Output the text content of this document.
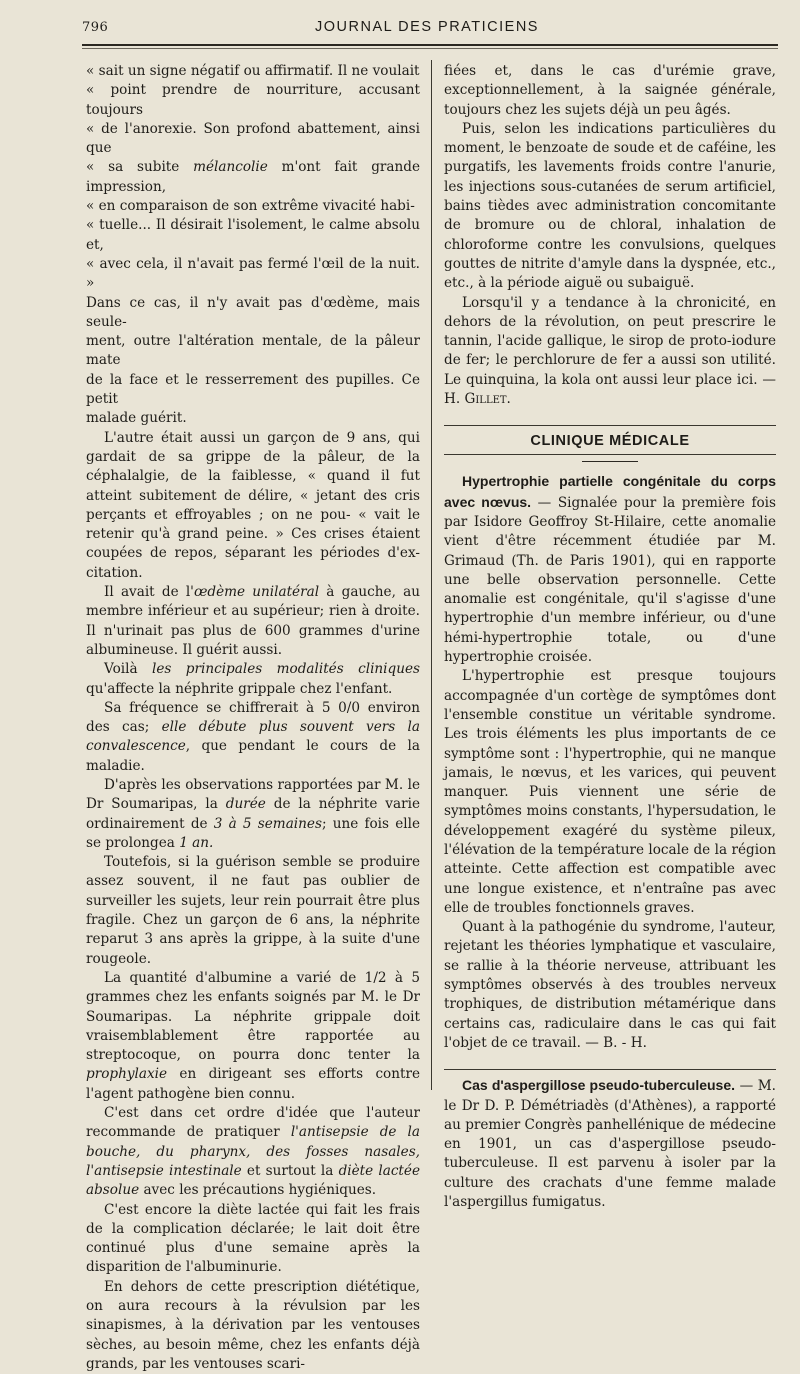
796	JOURNAL DES PRATICIENS

« sait un signe négatif ou affirmatif. Il ne voulait
« point prendre de nourriture, accusant toujours
« de l'anorexie. Son profond abattement, ainsi que
« sa subite mélancolie m'ont fait grande impression,
« en comparaison de son extrême vivacité habi-
« tuelle... Il désirait l'isolement, le calme absolu et,
« avec cela, il n'avait pas fermé l'œil de la nuit. »
Dans ce cas, il n'y avait pas d'œdème, mais seule-
ment, outre l'altération mentale, de la pâleur mate
de la face et le resserrement des pupilles. Ce petit
malade guérit.

L'autre était aussi un garçon de 9 ans, qui gardait de sa grippe de la pâleur, de la céphalalgie, de la faiblesse, « quand il fut atteint subitement de délire, « jetant des cris perçants et effroyables ; on ne pou- « vait le retenir qu'à grand peine. » Ces crises étaient coupées de repos, séparant les périodes d'ex- citation.

Il avait de l'œdème unilatéral à gauche, au membre inférieur et au supérieur; rien à droite. Il n'urinait pas plus de 600 grammes d'urine albumineuse. Il guérit aussi.

Voilà les principales modalités cliniques qu'affecte la néphrite grippale chez l'enfant.

Sa fréquence se chiffrerait à 5 0/0 environ des cas; elle débute plus souvent vers la convalescence, que pendant le cours de la maladie.

D'après les observations rapportées par M. le Dr Soumaripas, la durée de la néphrite varie ordinairement de 3 à 5 semaines; une fois elle se prolongea 1 an.

Toutefois, si la guérison semble se produire assez souvent, il ne faut pas oublier de surveiller les sujets, leur rein pourrait être plus fragile. Chez un garçon de 6 ans, la néphrite reparut 3 ans après la grippe, à la suite d'une rougeole.

La quantité d'albumine a varié de 1/2 à 5 grammes chez les enfants soignés par M. le Dr Soumaripas. La néphrite grippale doit vraisemblablement être rapportée au streptocoque, on pourra donc tenter la prophylaxie en dirigeant ses efforts contre l'agent pathogène bien connu.

C'est dans cet ordre d'idée que l'auteur recommande de pratiquer l'antisepsie de la bouche, du pharynx, des fosses nasales, l'antisepsie intestinale et surtout la diète lactée absolue avec les précautions hygiéniques.

C'est encore la diète lactée qui fait les frais de la complication déclarée; le lait doit être continué plus d'une semaine après la disparition de l'albuminurie.

En dehors de cette prescription diététique, on aura recours à la révulsion par les sinapismes, à la dérivation par les ventouses sèches, au besoin même, chez les enfants déjà grands, par les ventouses scari-

fiées et, dans le cas d'urémie grave, exceptionnellement, à la saignée générale, toujours chez les sujets déjà un peu âgés.

Puis, selon les indications particulières du moment, le benzoate de soude et de caféine, les purgatifs, les lavements froids contre l'anurie, les injections sous-cutanées de serum artificiel, bains tièdes avec administration concomitante de bromure ou de chloral, inhalation de chloroforme contre les convulsions, quelques gouttes de nitrite d'amyle dans la dyspnée, etc., etc., à la période aiguë ou subaiguë.

Lorsqu'il y a tendance à la chronicité, en dehors de la révolution, on peut prescrire le tannin, l'acide gallique, le sirop de proto-iodure de fer; le perchlorure de fer a aussi son utilité. Le quinquina, la kola ont aussi leur place ici. — H. Gillet.

CLINIQUE MÉDICALE

Hypertrophie partielle congénitale du corps avec nœvus. — Signalée pour la première fois par Isidore Geoffroy St-Hilaire, cette anomalie vient d'être récemment étudiée par M. Grimaud (Th. de Paris 1901), qui en rapporte une belle observation personnelle. Cette anomalie est congénitale, qu'il s'agisse d'une hypertrophie d'un membre inférieur, ou d'une hémi-hypertrophie totale, ou d'une hypertrophie croisée.

L'hypertrophie est presque toujours accompagnée d'un cortège de symptômes dont l'ensemble constitue un véritable syndrome. Les trois éléments les plus importants de ce symptôme sont : l'hypertrophie, qui ne manque jamais, le nœvus, et les varices, qui peuvent manquer. Puis viennent une série de symptômes moins constants, l'hypersudation, le développement exagéré du système pileux, l'élévation de la température locale de la région atteinte. Cette affection est compatible avec une longue existence, et n'entraîne pas avec elle de troubles fonctionnels graves.

Quant à la pathogénie du syndrome, l'auteur, rejetant les théories lymphatique et vasculaire, se rallie à la théorie nerveuse, attribuant les symptômes observés à des troubles nerveux trophiques, de distribution métamérique dans certains cas, radiculaire dans le cas qui fait l'objet de ce travail. — B. - H.

Cas d'aspergillose pseudo-tuberculeuse. — M. le Dr D. P. Démétriadès (d'Athènes), a rapporté au premier Congrès panhellénique de médecine en 1901, un cas d'aspergillose pseudo-tuberculeuse. Il est parvenu à isoler par la culture des crachats d'une femme malade l'aspergillus fumigatus.
